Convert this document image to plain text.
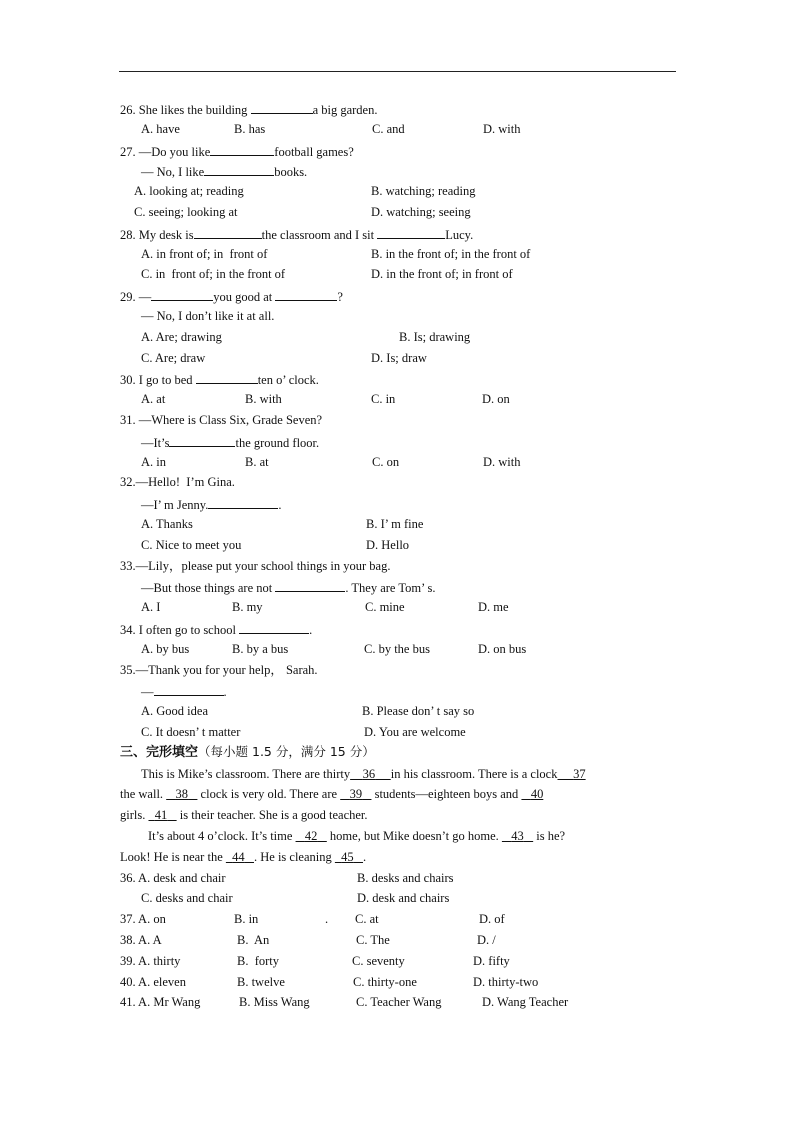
26. She likes the building	a big garden.
A. have	B. has	C. and	D. with
27. —Do you like	football games?
— No, I like	books.
A. looking at; reading	B. watching; reading
C. seeing; looking at	D. watching; seeing
28. My desk is	the classroom and I sit	Lucy.
A. in front of; in  front of	B. in the front of; in the front of
C. in  front of; in the front of	D. in the front of; in front of
29. —	you good at	?
— No, I don’t like it at all.
A. Are; drawing	B. Is; drawing
C. Are; draw	D. Is; draw
30. I go to bed	ten o’ clock.
A. at	B. with	C. in	D. on
31. —Where is Class Six, Grade Seven?
—It’s	the ground floor.
A. in	B. at	C. on	D. with
32.—Hello!  I’m Gina.
—I’ m Jenny.	.
A. Thanks	B. I’ m fine
C. Nice to meet you	D. Hello
33.—Lily，please put your school things in your bag.
—But those things are not	. They are Tom’ s.
A. I	B. my	C. mine	D. me
34. I often go to school	.
A. by bus	B. by a bus	C. by the bus	D. on bus
35.—Thank you for your help， Sarah.
—	.
A. Good idea	B. Please don’ t say so
C. It doesn’ t matter	D. You are welcome
三、完形填空（每小题 1.5 分，满分 15 分）
This is Mike’s classroom. There are thirty 36 in his classroom. There is a clock 37
the wall.    38    clock is very old. There are    39    students—eighteen boys and    40
girls.   41    is their teacher. She is a good teacher.
It’s about 4 o’clock. It’s time    42    home, but Mike doesn’t go home.    43    is he?
Look! He is near the   44 . He is cleaning   45 .
36. A. desk and chair	B. desks and chairs
C. desks and chair	D. desk and chairs
37. A. on	B. in	. C. at	D. of
38. A. A	B.  An	C. The	D. /
39. A. thirty	B.  forty	C. seventy	D. fifty
40. A. eleven	B. twelve	C. thirty-one	D. thirty-two
41. A. Mr Wang	B. Miss Wang	C. Teacher Wang	D. Wang Teacher
